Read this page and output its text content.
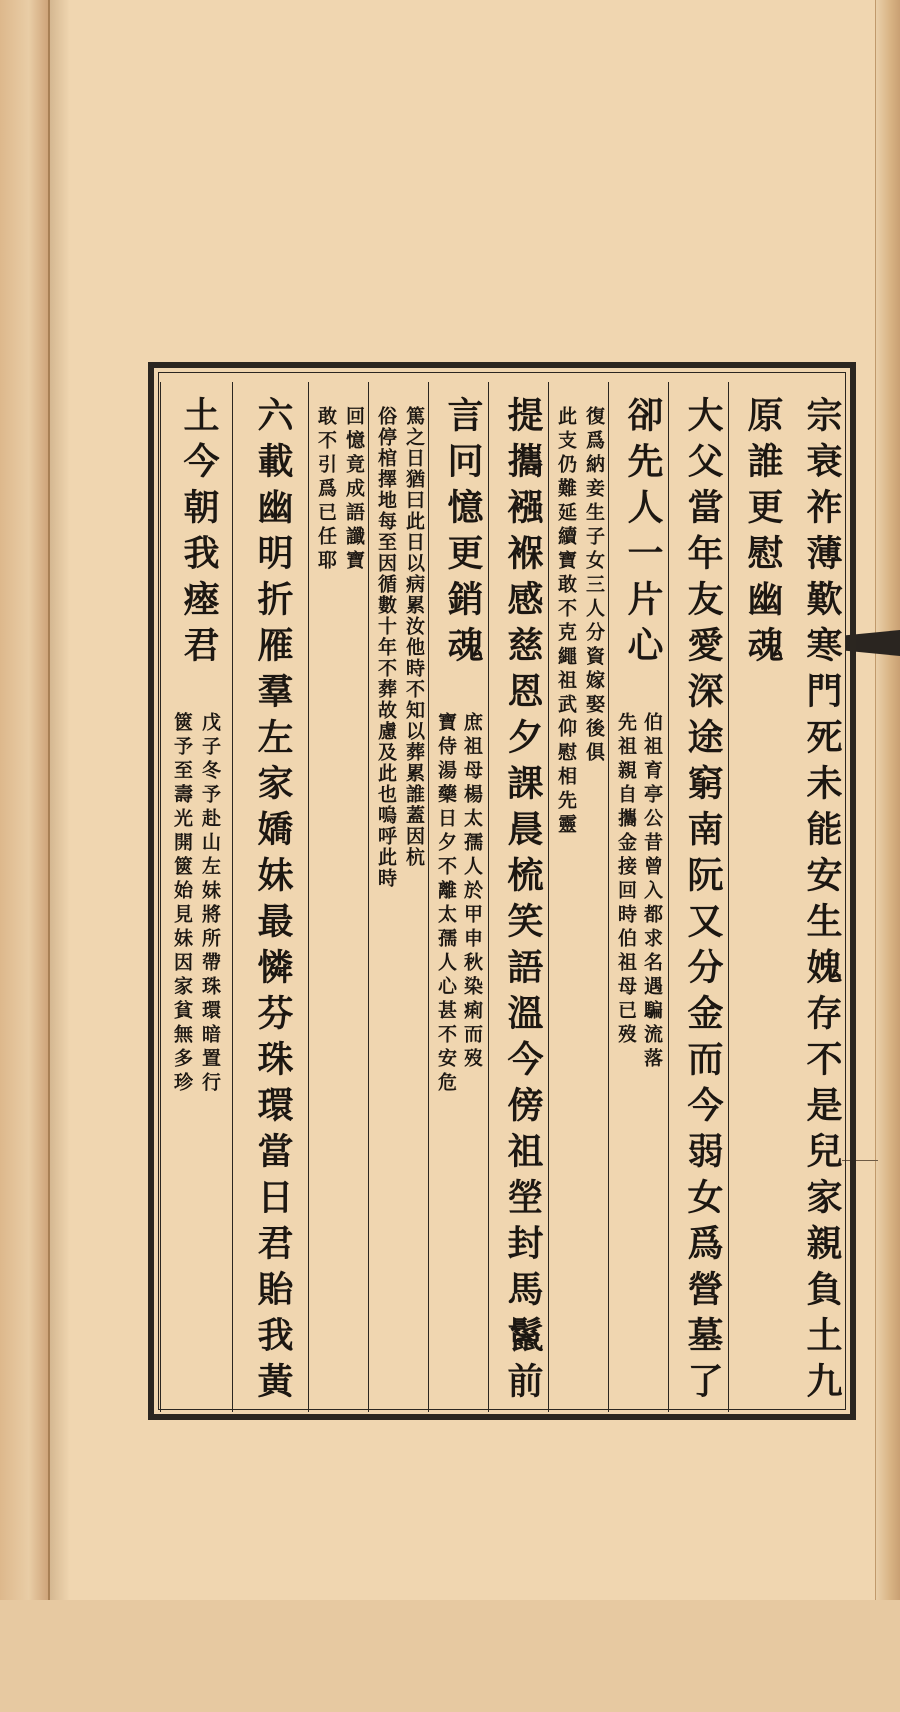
宗衰祚薄歎寒門死未能安生媿存不是兒家親負土九
原誰更慰幽魂
大父當年友愛深途窮南阮又分金而今弱女爲營墓了
卻先人一片心
伯祖育亭公昔曾入都求名遇騙流落
先祖親自攜金接回時伯祖母已歿
復爲納妾生子女三人分資嫁娶後俱
此支仍難延續寶敢不克繩祖武仰慰相先靈
提攜襁褓感慈恩夕課晨梳笑語溫今傍祖塋封馬鬣前
言冋憶更銷魂
庶祖母楊太孺人於甲申秋染痢而歿
寶侍湯藥日夕不離太孺人心甚不安危
篤之日猶曰此日以病累汝他時不知以葬累誰蓋因杭
俗停棺擇地每至因循數十年不葬故慮及此也嗚呼此時
回憶竟成語讖寶
敢不引爲已任耶
六載幽明折雁羣左家嬌妹最憐芬珠環當日君貽我黃
土今朝我瘞君
戊子冬予赴山左妹將所帶珠環暗置行
篋予至壽光開篋始見妹因家貧無多珍
